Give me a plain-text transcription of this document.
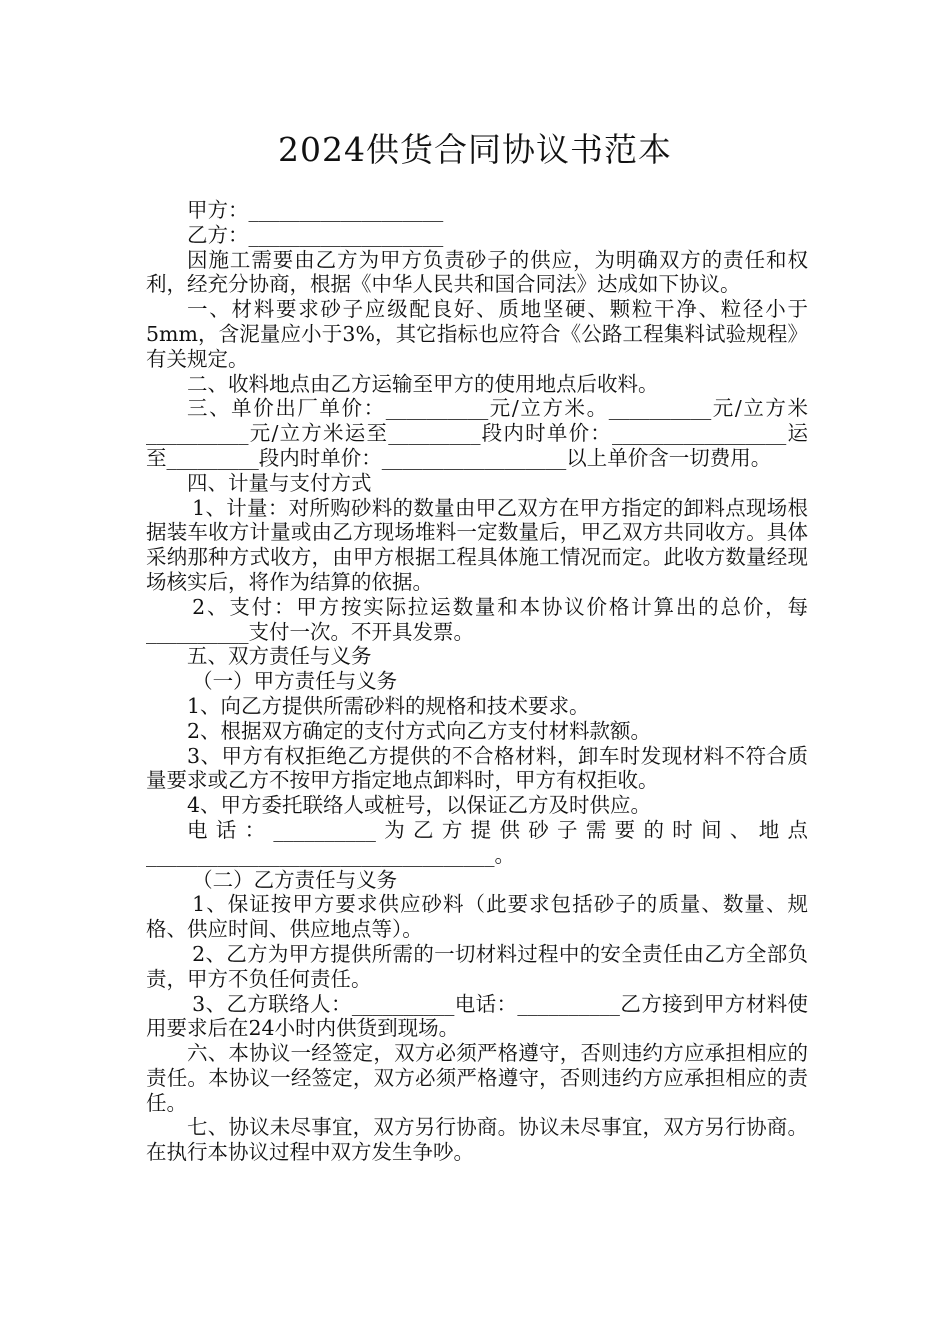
2024供货合同协议书范本

甲方：___________________

乙方：___________________

因施工需要由乙方为甲方负责砂子的供应，为明确双方的责任和权利，经充分协商，根据《中华人民共和国合同法》达成如下协议。

一、材料要求砂子应级配良好、质地坚硬、颗粒干净、粒径小于5mm，含泥量应小于3%，其它指标也应符合《公路工程集料试验规程》有关规定。

二、收料地点由乙方运输至甲方的使用地点后收料。

三、单价出厂单价：__________元/立方米。__________元/立方米__________元/立方米运至_________段内时单价：_________________运至_________段内时单价：__________________以上单价含一切费用。

四、计量与支付方式

1、计量：对所购砂料的数量由甲乙双方在甲方指定的卸料点现场根据装车收方计量或由乙方现场堆料一定数量后，甲乙双方共同收方。具体采纳那种方式收方，由甲方根据工程具体施工情况而定。此收方数量经现场核实后，将作为结算的依据。

2、支付：甲方按实际拉运数量和本协议价格计算出的总价，每__________支付一次。不开具发票。

五、双方责任与义务

（一）甲方责任与义务

1、向乙方提供所需砂料的规格和技术要求。

2、根据双方确定的支付方式向乙方支付材料款额。

3、甲方有权拒绝乙方提供的不合格材料，卸车时发现材料不符合质量要求或乙方不按甲方指定地点卸料时，甲方有权拒收。

4、甲方委托联络人或桩号，以保证乙方及时供应。

电话：__________为乙方提供砂子需要的时间、地点__________________________________。

（二）乙方责任与义务

1、保证按甲方要求供应砂料（此要求包括砂子的质量、数量、规格、供应时间、供应地点等）。

2、乙方为甲方提供所需的一切材料过程中的安全责任由乙方全部负责，甲方不负任何责任。

3、乙方联络人：__________电话：__________乙方接到甲方材料使用要求后在24小时内供货到现场。

六、本协议一经签定，双方必须严格遵守，否则违约方应承担相应的责任。本协议一经签定，双方必须严格遵守，否则违约方应承担相应的责任。

七、协议未尽事宜，双方另行协商。协议未尽事宜，双方另行协商。在执行本协议过程中双方发生争吵。
